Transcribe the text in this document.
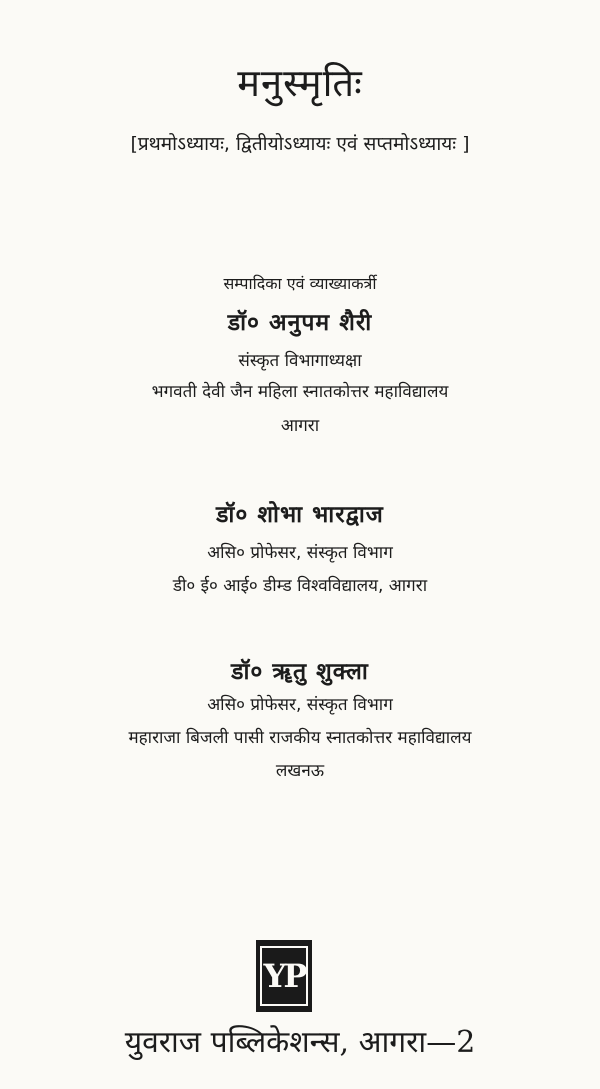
मनुस्मृतिः
[प्रथमोऽध्यायः, द्वितीयोऽध्यायः एवं सप्तमोऽध्यायः ]
सम्पादिका एवं व्याख्याकर्त्री
डॉ० अनुपम शैरी
संस्कृत विभागाध्यक्षा
भगवती देवी जैन महिला स्नातकोत्तर महाविद्यालय
आगरा
डॉ० शोभा भारद्वाज
असि० प्रोफेसर, संस्कृत विभाग
डी० ई० आई० डीम्ड विश्वविद्यालय, आगरा
डॉ० ॠतु शुक्ला
असि० प्रोफेसर, संस्कृत विभाग
महाराजा बिजली पासी राजकीय स्नातकोत्तर महाविद्यालय
लखनऊ
YP
युवराज पब्लिकेशन्स, आगरा—2
